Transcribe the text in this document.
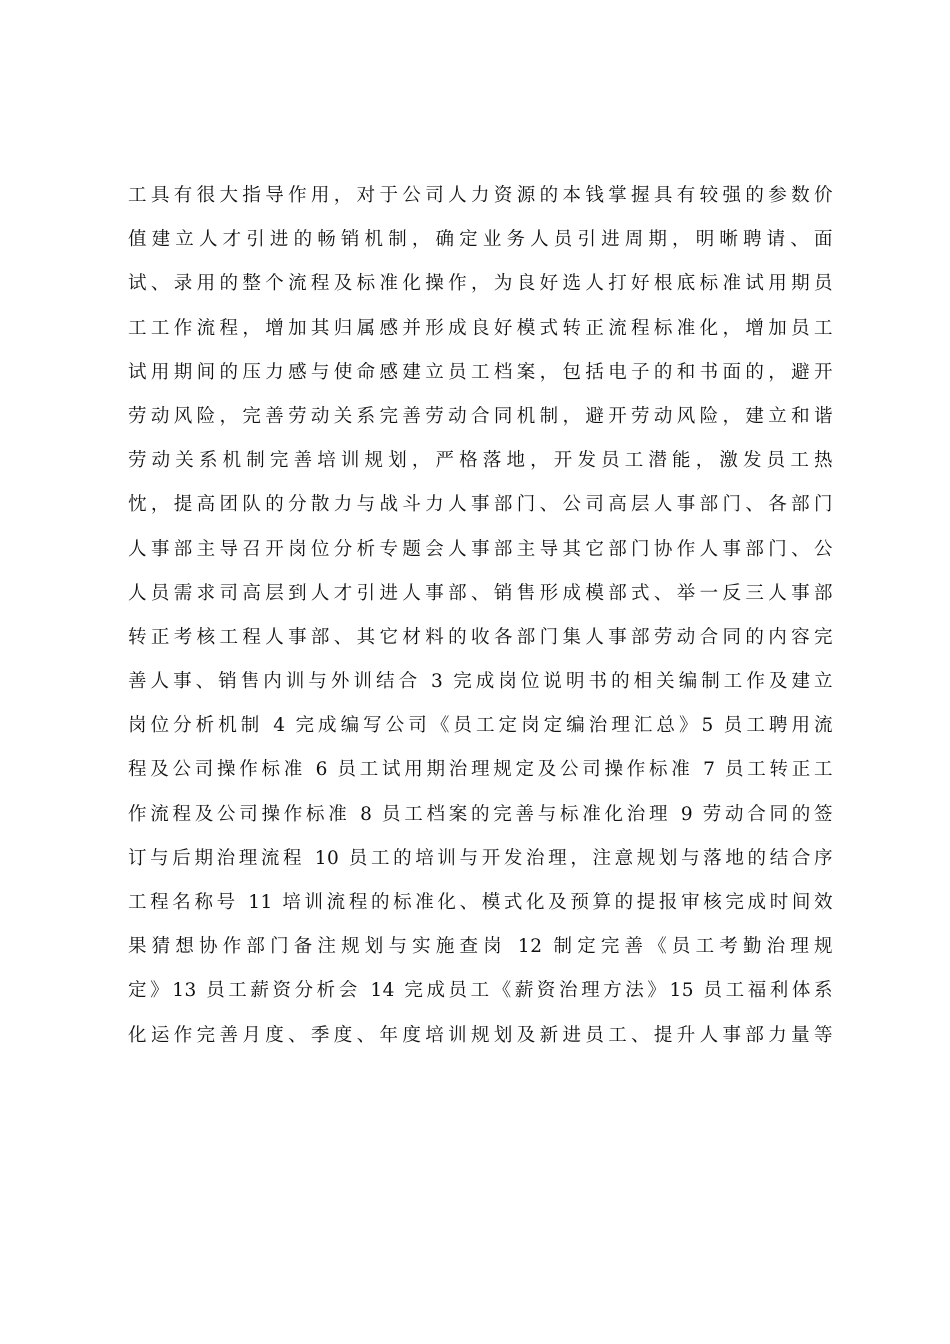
工具有很大指导作用，对于公司人力资源的本钱掌握具有较强的参数价
值建立人才引进的畅销机制，确定业务人员引进周期，明晰聘请、面
试、录用的整个流程及标准化操作，为良好选人打好根底标准试用期员
工工作流程，增加其归属感并形成良好模式转正流程标准化，增加员工
试用期间的压力感与使命感建立员工档案，包括电子的和书面的，避开
劳动风险，完善劳动关系完善劳动合同机制，避开劳动风险，建立和谐
劳动关系机制完善培训规划，严格落地，开发员工潜能，激发员工热
忱，提高团队的分散力与战斗力人事部门、公司高层人事部门、各部门
人事部主导召开岗位分析专题会人事部主导其它部门协作人事部门、公
人员需求司高层到人才引进人事部、销售形成模部式、举一反三人事部
转正考核工程人事部、其它材料的收各部门集人事部劳动合同的内容完
善人事、销售内训与外训结合 3 完成岗位说明书的相关编制工作及建立
岗位分析机制 4 完成编写公司《员工定岗定编治理汇总》5 员工聘用流
程及公司操作标准 6 员工试用期治理规定及公司操作标准 7 员工转正工
作流程及公司操作标准 8 员工档案的完善与标准化治理 9 劳动合同的签
订与后期治理流程 10 员工的培训与开发治理，注意规划与落地的结合序
工程名称号 11 培训流程的标准化、模式化及预算的提报审核完成时间效
果猜想协作部门备注规划与实施查岗 12 制定完善《员工考勤治理规
定》13 员工薪资分析会 14 完成员工《薪资治理方法》15 员工福利体系
化运作完善月度、季度、年度培训规划及新进员工、提升人事部力量等
